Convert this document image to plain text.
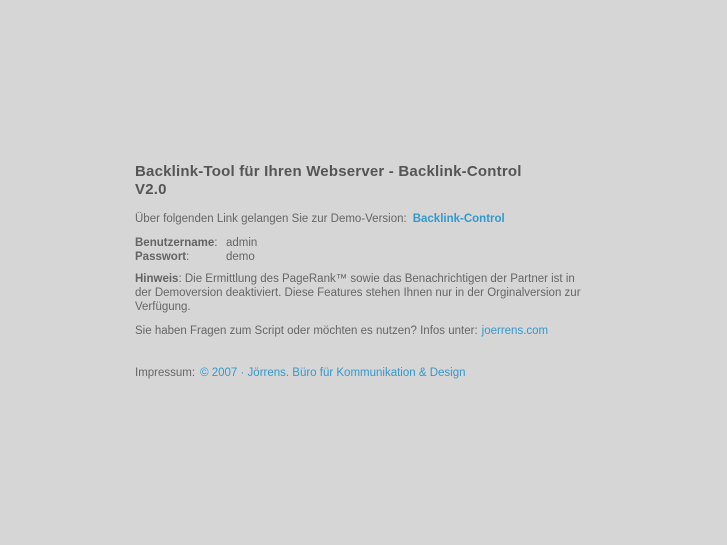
Backlink-Tool für Ihren Webserver - Backlink-Control
V2.0

Über folgenden Link gelangen Sie zur Demo-Version: Backlink-Control

Benutzername:	admin
Passwort:	demo

Hinweis: Die Ermittlung des PageRank™ sowie das Benachrichtigen der Partner ist in
der Demoversion deaktiviert. Diese Features stehen Ihnen nur in der Orginalversion zur
Verfügung.

Sie haben Fragen zum Script oder möchten es nutzen? Infos unter: joerrens.com

Impressum: © 2007 · Jörrens. Büro für Kommunikation & Design
